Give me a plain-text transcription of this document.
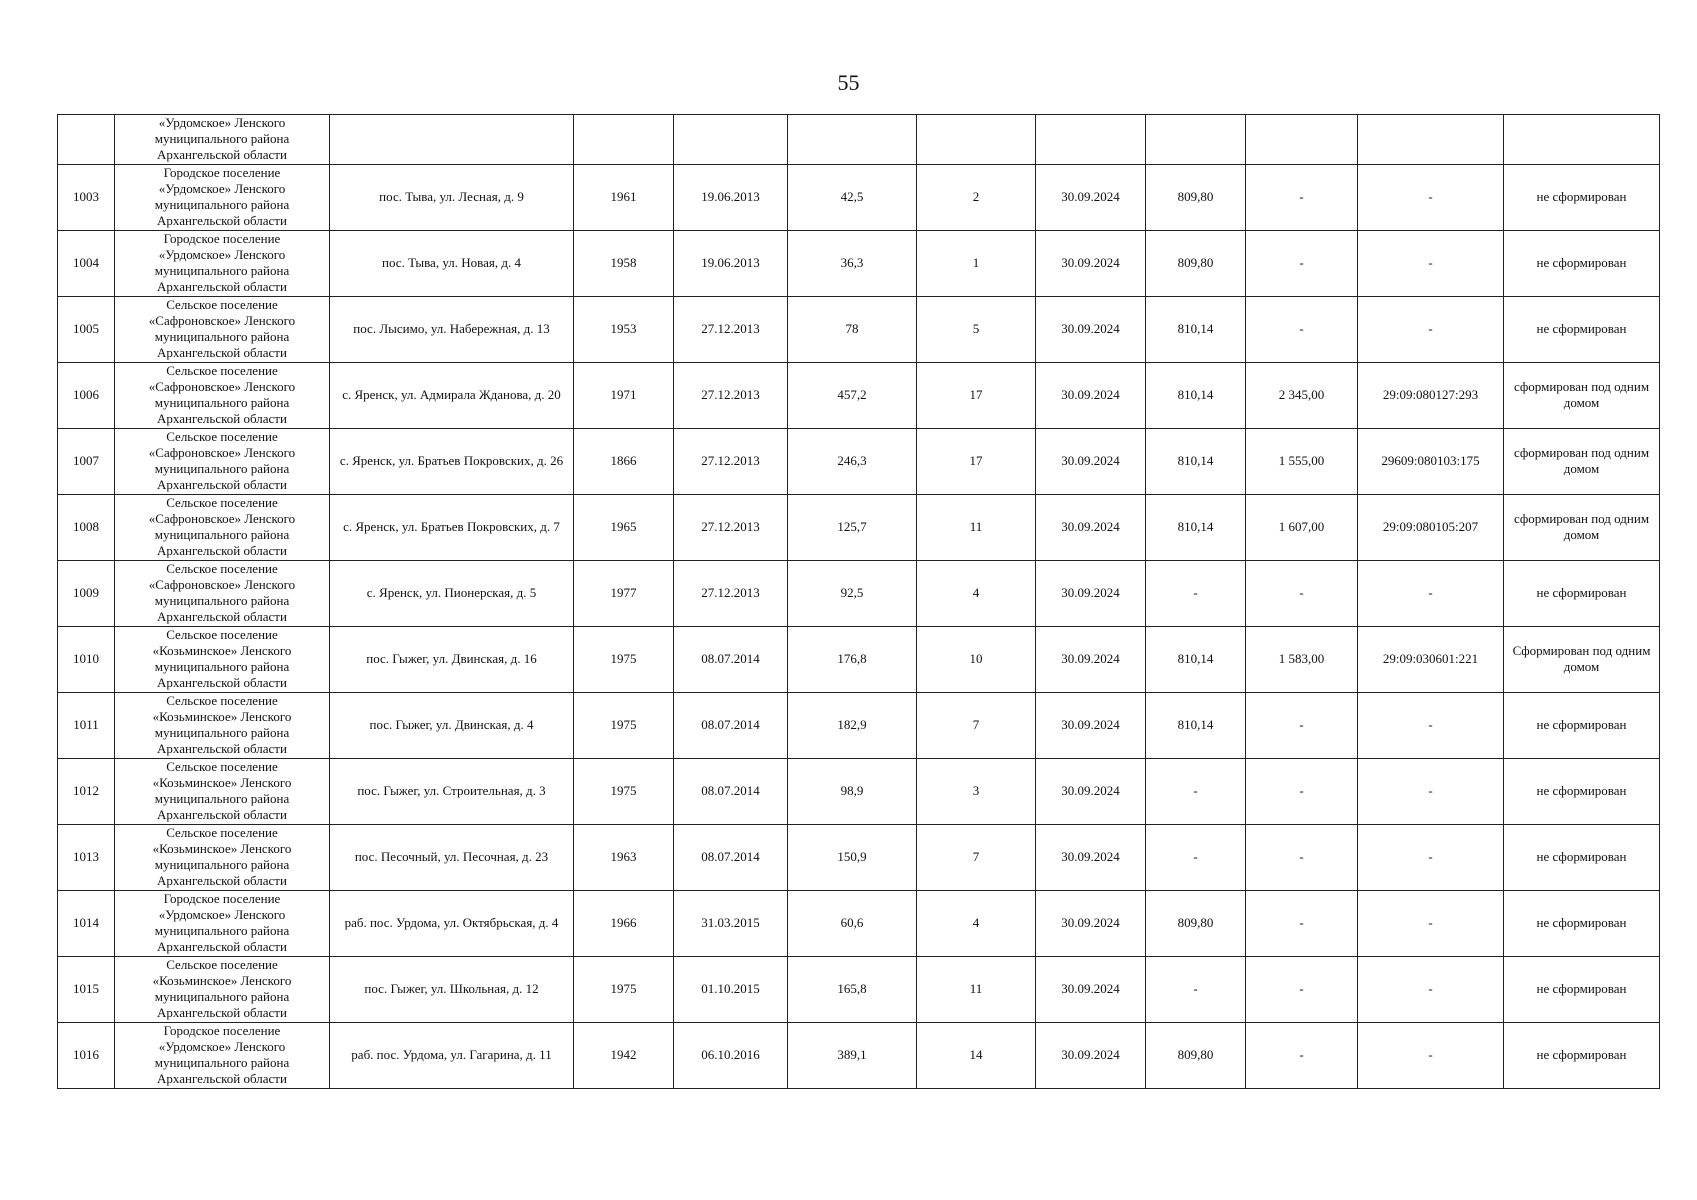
55

	«Урдомское» Ленского
муниципального района
Архангельской области										

1003	Городское поселение
«Урдомское» Ленского
муниципального района
Архангельской области	пос. Тыва, ул. Лесная, д. 9	1961	19.06.2013	42,5	2	30.09.2024	809,80	-	-	не сформирован
1004	Городское поселение
«Урдомское» Ленского
муниципального района
Архангельской области	пос. Тыва, ул. Новая, д. 4	1958	19.06.2013	36,3	1	30.09.2024	809,80	-	-	не сформирован
1005	Сельское поселение
«Сафроновское» Ленского
муниципального района
Архангельской области	пос. Лысимо, ул. Набережная, д. 13	1953	27.12.2013	78	5	30.09.2024	810,14	-	-	не сформирован
1006	Сельское поселение
«Сафроновское» Ленского
муниципального района
Архангельской области	с. Яренск, ул. Адмирала Жданова, д. 20	1971	27.12.2013	457,2	17	30.09.2024	810,14	2 345,00	29:09:080127:293	сформирован под одним домом
1007	Сельское поселение
«Сафроновское» Ленского
муниципального района
Архангельской области	с. Яренск, ул. Братьев Покровских, д. 26	1866	27.12.2013	246,3	17	30.09.2024	810,14	1 555,00	29609:080103:175	сформирован под одним домом
1008	Сельское поселение
«Сафроновское» Ленского
муниципального района
Архангельской области	с. Яренск, ул. Братьев Покровских, д. 7	1965	27.12.2013	125,7	11	30.09.2024	810,14	1 607,00	29:09:080105:207	сформирован под одним домом
1009	Сельское поселение
«Сафроновское» Ленского
муниципального района
Архангельской области	с. Яренск, ул. Пионерская, д. 5	1977	27.12.2013	92,5	4	30.09.2024	-	-	-	не сформирован
1010	Сельское поселение
«Козьминское» Ленского
муниципального района
Архангельской области	пос. Гыжег, ул. Двинская, д. 16	1975	08.07.2014	176,8	10	30.09.2024	810,14	1 583,00	29:09:030601:221	Сформирован под одним домом
1011	Сельское поселение
«Козьминское» Ленского
муниципального района
Архангельской области	пос. Гыжег, ул. Двинская, д. 4	1975	08.07.2014	182,9	7	30.09.2024	810,14	-	-	не сформирован
1012	Сельское поселение
«Козьминское» Ленского
муниципального района
Архангельской области	пос. Гыжег, ул. Строительная, д. 3	1975	08.07.2014	98,9	3	30.09.2024	-	-	-	не сформирован
1013	Сельское поселение
«Козьминское» Ленского
муниципального района
Архангельской области	пос. Песочный, ул. Песочная, д. 23	1963	08.07.2014	150,9	7	30.09.2024	-	-	-	не сформирован
1014	Городское поселение
«Урдомское» Ленского
муниципального района
Архангельской области	раб. пос. Урдома, ул. Октябрьская, д. 4	1966	31.03.2015	60,6	4	30.09.2024	809,80	-	-	не сформирован
1015	Сельское поселение
«Козьминское» Ленского
муниципального района
Архангельской области	пос. Гыжег, ул. Школьная, д. 12	1975	01.10.2015	165,8	11	30.09.2024	-	-	-	не сформирован
1016	Городское поселение
«Урдомское» Ленского
муниципального района
Архангельской области	раб. пос. Урдома, ул. Гагарина, д. 11	1942	06.10.2016	389,1	14	30.09.2024	809,80	-	-	не сформирован
